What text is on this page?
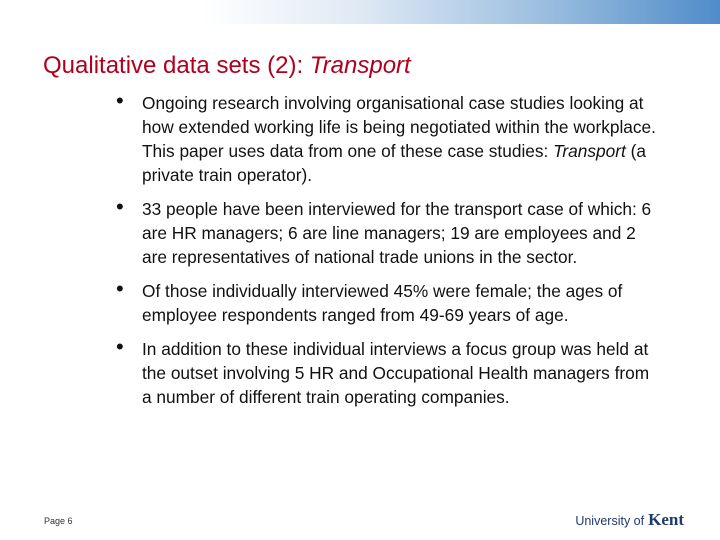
Qualitative data sets (2): Transport
• Ongoing research involving organisational case studies looking at how extended working life is being negotiated within the workplace. This paper uses data from one of these case studies: Transport (a private train operator).
• 33 people have been interviewed for the transport case of which: 6 are HR managers; 6 are line managers; 19 are employees and 2 are representatives of national trade unions in the sector.
• Of those individually interviewed 45% were female; the ages of employee respondents ranged from 49-69 years of age.
• In addition to these individual interviews a focus group was held at the outset involving 5 HR and Occupational Health managers from a number of different train operating companies.
Page 6	University of Kent
